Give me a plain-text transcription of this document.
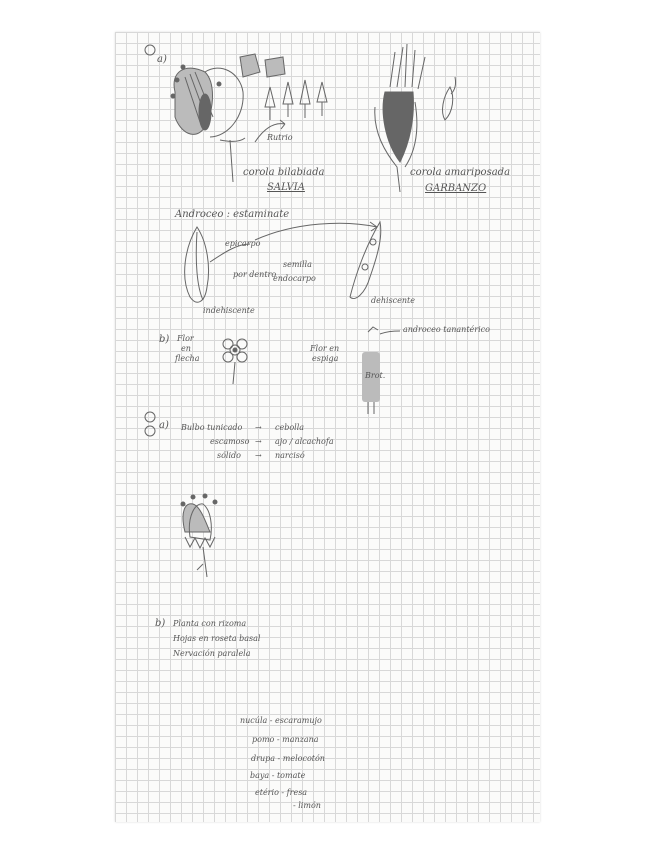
a)
Rutrio
corola bilabiada
SALVIA
corola amariposada
GARBANZO
Androceo : estaminate
epicarpo
semilla
por dentro
endocarpo
indehiscente
dehiscente
b) Flor
en
flecha
Flor en
espiga
androceo tanantérico
Brot.
a) Bulbo tunicado → cebolla
escamoso → ajo / alcachofa
sólido → narcisó
b) Planta con rizoma
Hojas en roseta basal
Nervación paralela
nucúla - escaramujo
pomo - manzana
drupa - melocotón
baya - tomate
etério - fresa
- limón
